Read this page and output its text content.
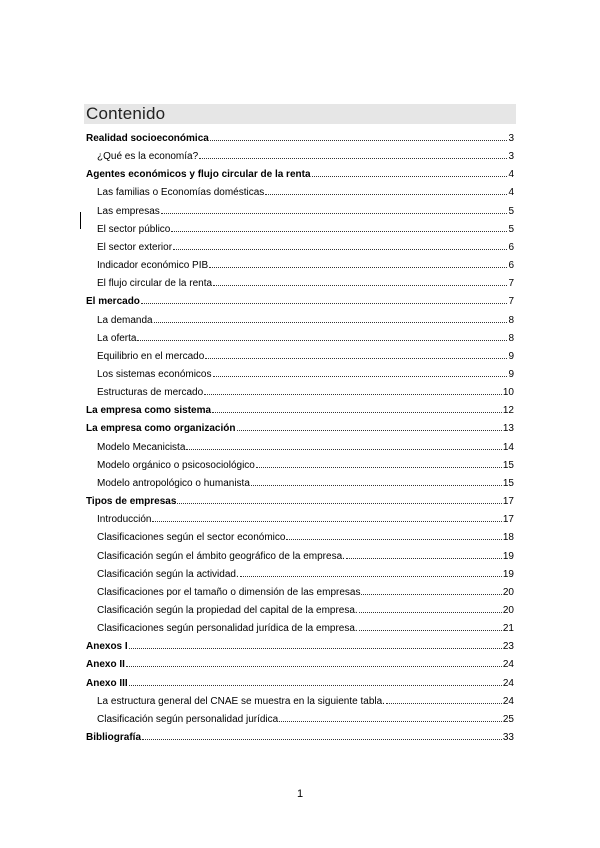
Contenido
Realidad socioeconómica	3
¿Qué es la economía?	3
Agentes económicos y flujo circular de la renta	4
Las familias o Economías domésticas	4
Las empresas	5
El sector público	5
El sector exterior	6
Indicador económico PIB	6
El flujo circular de la renta	7
El mercado	7
La demanda	8
La oferta	8
Equilibrio en el mercado	9
Los sistemas económicos	9
Estructuras de mercado	10
La empresa como sistema	12
La empresa como organización	13
Modelo Mecanicista	14
Modelo orgánico o psicosociológico	15
Modelo antropológico o humanista	15
Tipos de empresas	17
Introducción	17
Clasificaciones según el sector económico	18
Clasificación según el ámbito geográfico de la empresa.	19
Clasificación según la actividad.	19
Clasificaciones por el tamaño o dimensión de las empresas	20
Clasificación según la propiedad del capital de la empresa.	20
Clasificaciones según personalidad jurídica de la empresa.	21
Anexos I	23
Anexo II	24
Anexo III	24
La estructura general del CNAE se muestra en la siguiente tabla.	24
Clasificación según personalidad jurídica	25
Bibliografía	33
1
